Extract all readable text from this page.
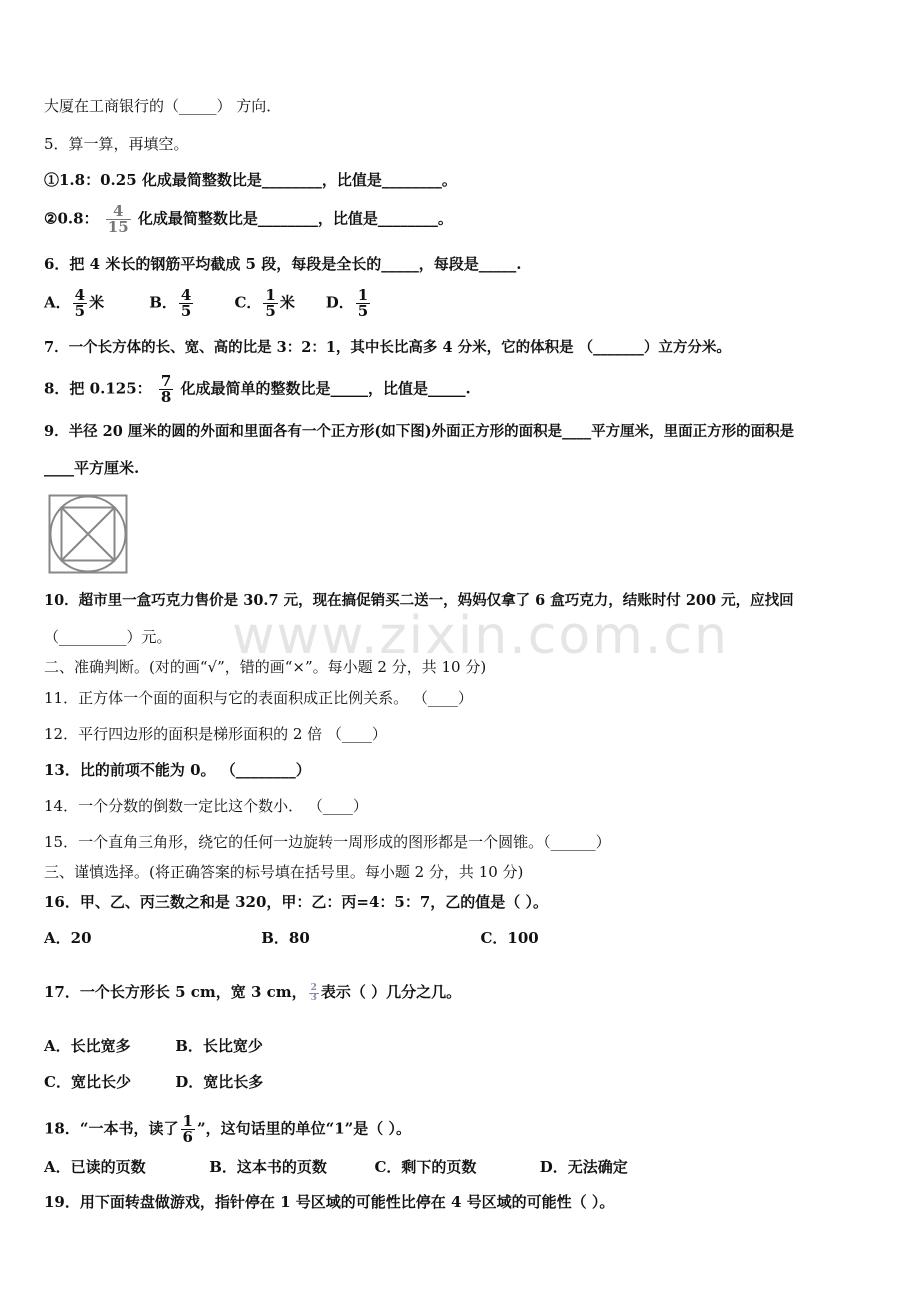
大厦在工商银行的（_____） 方向．
5．算一算，再填空。
①1.8：0.25 化成最简整数比是________，比值是________。
②0.8： $\frac{4}{15}$ 化成最简整数比是________，比值是________。
6．把 4 米长的钢筋平均截成 5 段，每段是全长的_____，每段是_____.
A． $\frac{4}{5}$ 米	B． $\frac{4}{5}$	C． $\frac{1}{5}$ 米 D． $\frac{1}{5}$
7．一个长方体的长、宽、高的比是 3：2：1，其中长比高多 4 分米，它的体积是 （_______）立方分米。
8．把 0.125： $\frac{7}{8}$ 化成最简单的整数比是_____，比值是_____.
9．半径 20 厘米的圆的外面和里面各有一个正方形(如下图)外面正方形的面积是____平方厘米，里面正方形的面积是
____平方厘米.
10．超市里一盒巧克力售价是 30.7 元，现在搞促销买二送一，妈妈仅拿了 6 盒巧克力，结账时付 200 元，应找回
（_________）元。 www.zixin.com.cn
二、准确判断。(对的画“√”，错的画“×”。每小题 2 分，共 10 分)
11．正方体一个面的面积与它的表面积成正比例关系。 （____）
12．平行四边形的面积是梯形面积的 2 倍 （____）
13．比的前项不能为 0。 （________）
14．一个分数的倒数一定比这个数小． （____）
15．一个直角三角形，绕它的任何一边旋转一周形成的图形都是一个圆锥。（______）
三、谨慎选择。(将正确答案的标号填在括号里。每小题 2 分，共 10 分)
16．甲、乙、丙三数之和是 320，甲：乙：丙=4：5：7，乙的值是（ ）。
A．20	B．80	C．100
17．一个长方形长 5 cm，宽 3 cm， $\frac{2}{3}$ 表示（ ）几分之几。
A．长比宽多	B．长比宽少
C．宽比长少	D．宽比长多
18．“一本书，读了 $\frac{1}{6}$ ”，这句话里的单位“1”是（ ）。
A．已读的页数	B．这本书的页数	C．剩下的页数	D．无法确定
19．用下面转盘做游戏，指针停在 1 号区域的可能性比停在 4 号区域的可能性（ ）。
